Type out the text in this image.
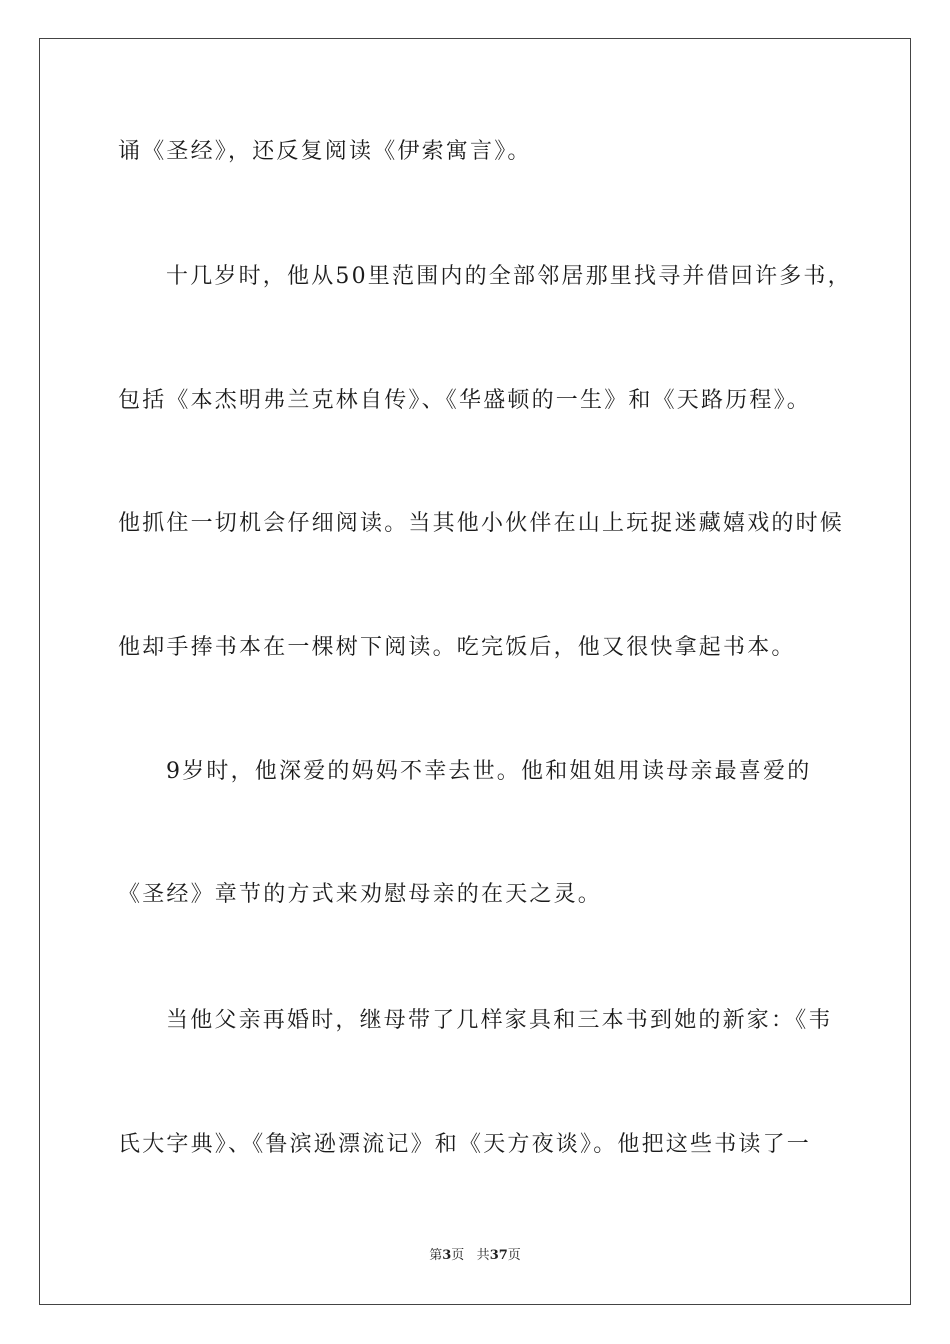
诵《圣经》，还反复阅读《伊索寓言》。
十几岁时，他从50里范围内的全部邻居那里找寻并借回许多书，
包括《本杰明弗兰克林自传》、《华盛顿的一生》和《天路历程》。
他抓住一切机会仔细阅读。当其他小伙伴在山上玩捉迷藏嬉戏的时候
他却手捧书本在一棵树下阅读。吃完饭后，他又很快拿起书本。
9岁时，他深爱的妈妈不幸去世。他和姐姐用读母亲最喜爱的
《圣经》章节的方式来劝慰母亲的在天之灵。
当他父亲再婚时，继母带了几样家具和三本书到她的新家：《韦
氏大字典》、《鲁滨逊漂流记》和《天方夜谈》。他把这些书读了一
第3页 共37页
